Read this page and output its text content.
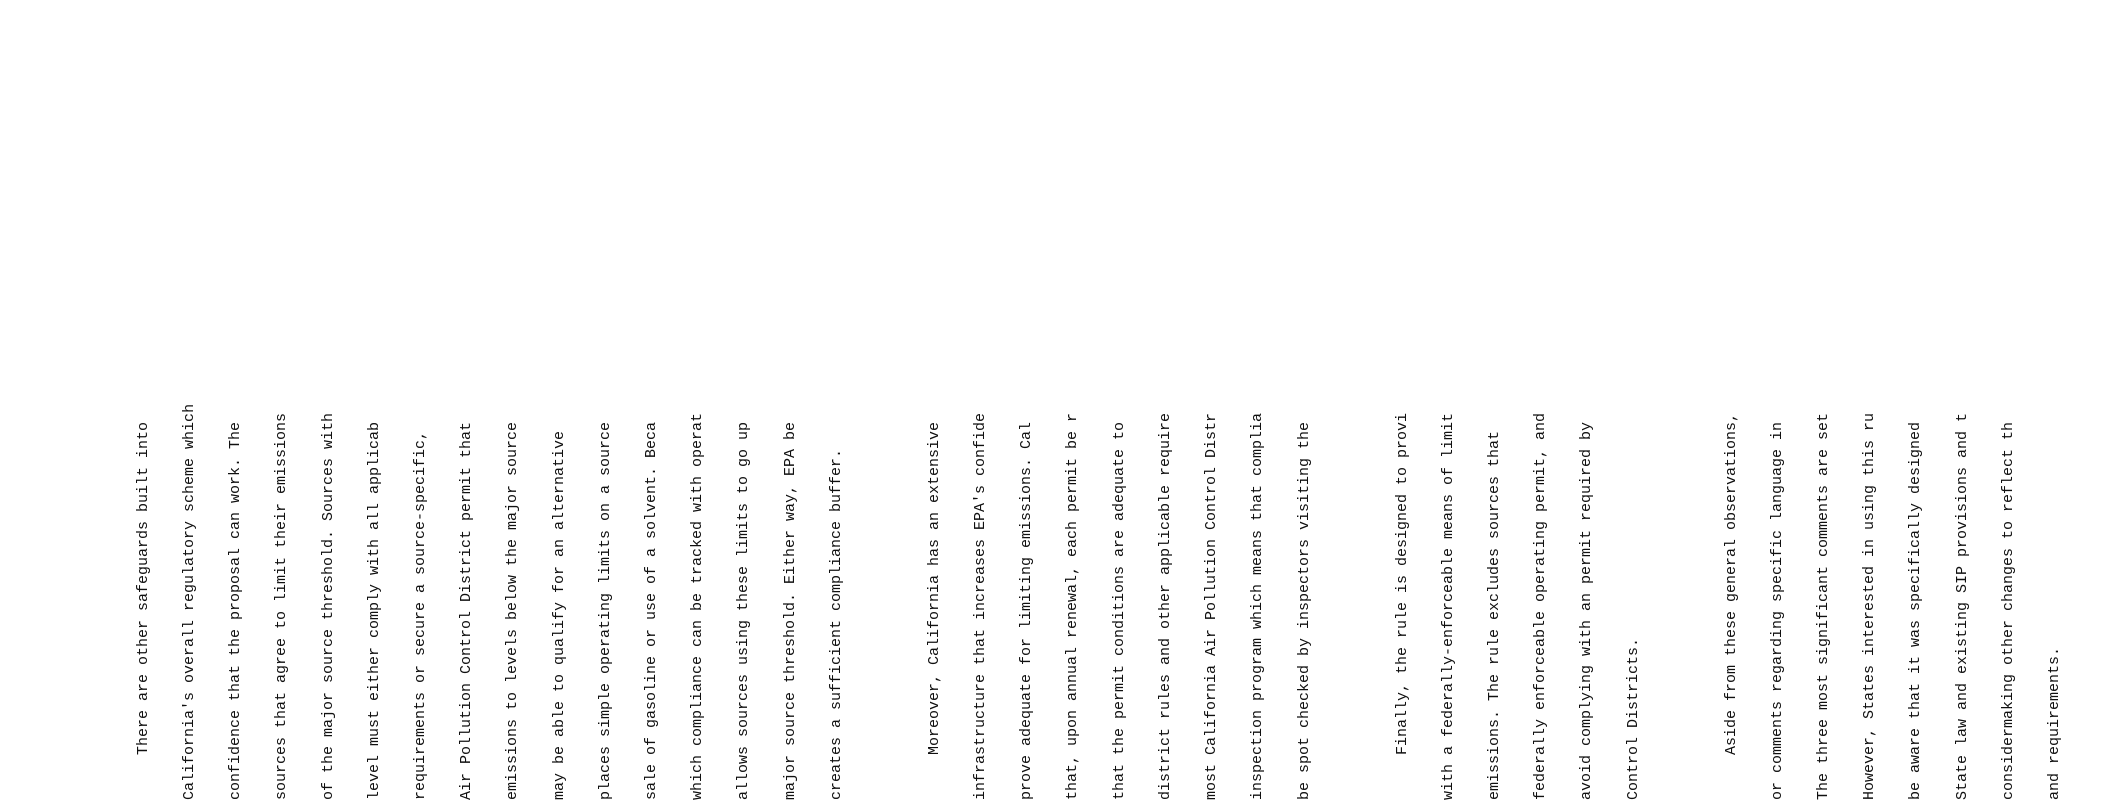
There are other safeguards built into

California's overall regulatory scheme which

confidence that the proposal can work. The

sources that agree to limit their emissions

of the major source threshold. Sources with

level must either comply with all applicab

requirements or secure a source-specific,

Air Pollution Control District permit that

emissions to levels below the major source

may be able to qualify for an alternative

places simple operating limits on a source

sale of gasoline or use of a solvent. Beca

which compliance can be tracked with operat

allows sources using these limits to go up

major source threshold. Either way, EPA be

creates a sufficient compliance buffer.

	Moreover, California has an extensive

infrastructure that increases EPA's confide

prove adequate for limiting emissions. Cal

that, upon annual renewal, each permit be r

that the permit conditions are adequate to

district rules and other applicable require

most California Air Pollution Control Distr

inspection program which means that complia

be spot checked by inspectors visiting the

	Finally, the rule is designed to provi

with a federally-enforceable means of limit

emissions. The rule excludes sources that

federally enforceable operating permit, and

avoid complying with an permit required by

Control Districts.

	Aside from these general observations,

or comments regarding specific language in

The three most significant comments are set

However, States interested in using this ru

be aware that it was specifically designed

State law and existing SIP provisions and t

considermaking other changes to reflect th

and requirements.
